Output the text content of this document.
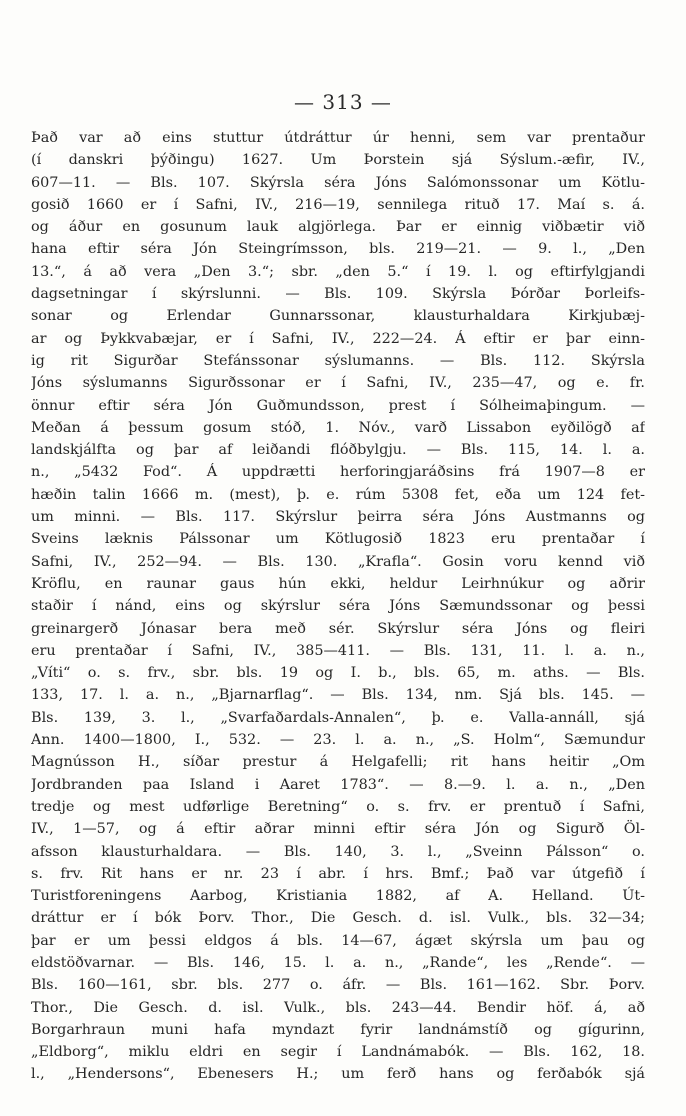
— 313 —
Það var að eins stuttur útdráttur úr henni, sem var prentaður
(í danskri þýðingu) 1627. Um Þorstein sjá Sýslum.-æfir, IV.,
607—11. — Bls. 107. Skýrsla séra Jóns Salómonssonar um Kötlu-
gosið 1660 er í Safni, IV., 216—19, sennilega rituð 17. Maí s. á.
og áður en gosunum lauk algjörlega. Þar er einnig viðbætir við
hana eftir séra Jón Steingrímsson, bls. 219—21. — 9. l., „Den
13.“, á að vera „Den 3.“; sbr. „den 5.“ í 19. l. og eftirfylgjandi
dagsetningar í skýrslunni. — Bls. 109. Skýrsla Þórðar Þorleifs-
sonar og Erlendar Gunnarssonar, klausturhaldara Kirkjubæj-
ar og Þykkvabæjar, er í Safni, IV., 222—24. Á eftir er þar einn-
ig rit Sigurðar Stefánssonar sýslumanns. — Bls. 112. Skýrsla
Jóns sýslumanns Sigurðssonar er í Safni, IV., 235—47, og e. fr.
önnur eftir séra Jón Guðmundsson, prest í Sólheimaþingum. —
Meðan á þessum gosum stóð, 1. Nóv., varð Lissabon eyðilögð af
landskjálfta og þar af leiðandi flóðbylgju. — Bls. 115, 14. l. a.
n., „5432 Fod“. Á uppdrætti herforingjaráðsins frá 1907—8 er
hæðin talin 1666 m. (mest), þ. e. rúm 5308 fet, eða um 124 fet-
um minni. — Bls. 117. Skýrslur þeirra séra Jóns Austmanns og
Sveins læknis Pálssonar um Kötlugosið 1823 eru prentaðar í
Safni, IV., 252—94. — Bls. 130. „Krafla“. Gosin voru kennd við
Kröflu, en raunar gaus hún ekki, heldur Leirhnúkur og aðrir
staðir í nánd, eins og skýrslur séra Jóns Sæmundssonar og þessi
greinargerð Jónasar bera með sér. Skýrslur séra Jóns og fleiri
eru prentaðar í Safni, IV., 385—411. — Bls. 131, 11. l. a. n.,
„Víti“ o. s. frv., sbr. bls. 19 og I. b., bls. 65, m. aths. — Bls.
133, 17. l. a. n., „Bjarnarflag“. — Bls. 134, nm. Sjá bls. 145. —
Bls. 139, 3. l., „Svarfaðardals-Annalen“, þ. e. Valla-annáll, sjá
Ann. 1400—1800, I., 532. — 23. l. a. n., „S. Holm“, Sæmundur
Magnússon H., síðar prestur á Helgafelli; rit hans heitir „Om
Jordbranden paa Island i Aaret 1783“. — 8.—9. l. a. n., „Den
tredje og mest udførlige Beretning“ o. s. frv. er prentuð í Safni,
IV., 1—57, og á eftir aðrar minni eftir séra Jón og Sigurð Öl-
afsson klausturhaldara. — Bls. 140, 3. l., „Sveinn Pálsson“ o.
s. frv. Rit hans er nr. 23 í abr. í hrs. Bmf.; Það var útgefið í
Turistforeningens Aarbog, Kristiania 1882, af A. Helland. Út-
dráttur er í bók Þorv. Thor., Die Gesch. d. isl. Vulk., bls. 32—34;
þar er um þessi eldgos á bls. 14—67, ágæt skýrsla um þau og
eldstöðvarnar. — Bls. 146, 15. l. a. n., „Rande“, les „Rende“. —
Bls. 160—161, sbr. bls. 277 o. áfr. — Bls. 161—162. Sbr. Þorv.
Thor., Die Gesch. d. isl. Vulk., bls. 243—44. Bendir höf. á, að
Borgarhraun muni hafa myndazt fyrir landnámstíð og gígurinn,
„Eldborg“, miklu eldri en segir í Landnámabók. — Bls. 162, 18.
l., „Hendersons“, Ebenesers H.; um ferð hans og ferðabók sjá
